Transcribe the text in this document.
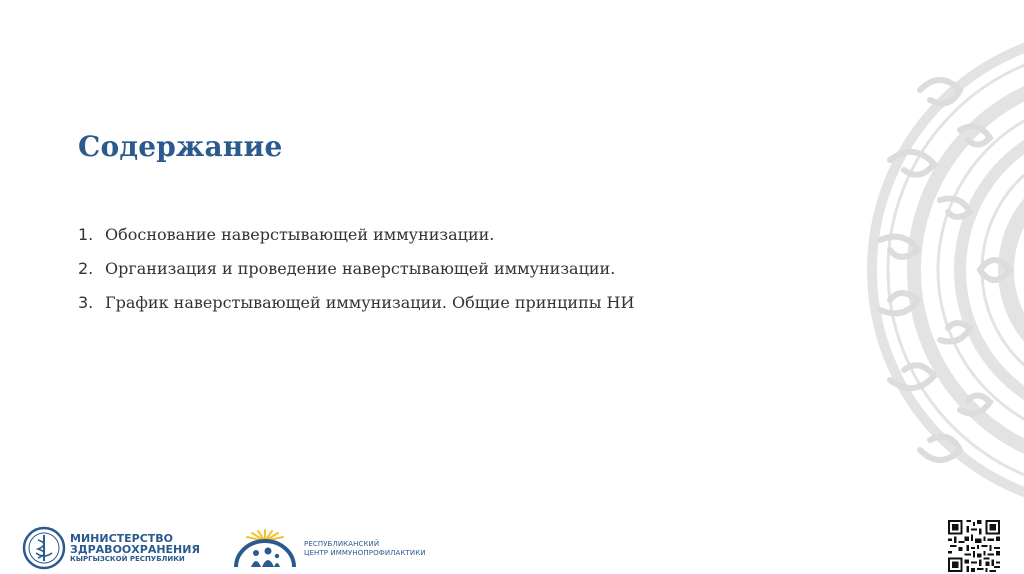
Содержание
1. Обоснование наверстывающей иммунизации.
2. Организация и проведение наверстывающей иммунизации.
3. График наверстывающей иммунизации. Общие принципы НИ
МИНИСТЕРСТВО
ЗДРАВООХРАНЕНИЯ
КЫРГЫЗСКОЙ РЕСПУБЛИКИ
РЕСПУБЛИКАНСКИЙ
ЦЕНТР ИММУНОПРОФИЛАКТИКИ
